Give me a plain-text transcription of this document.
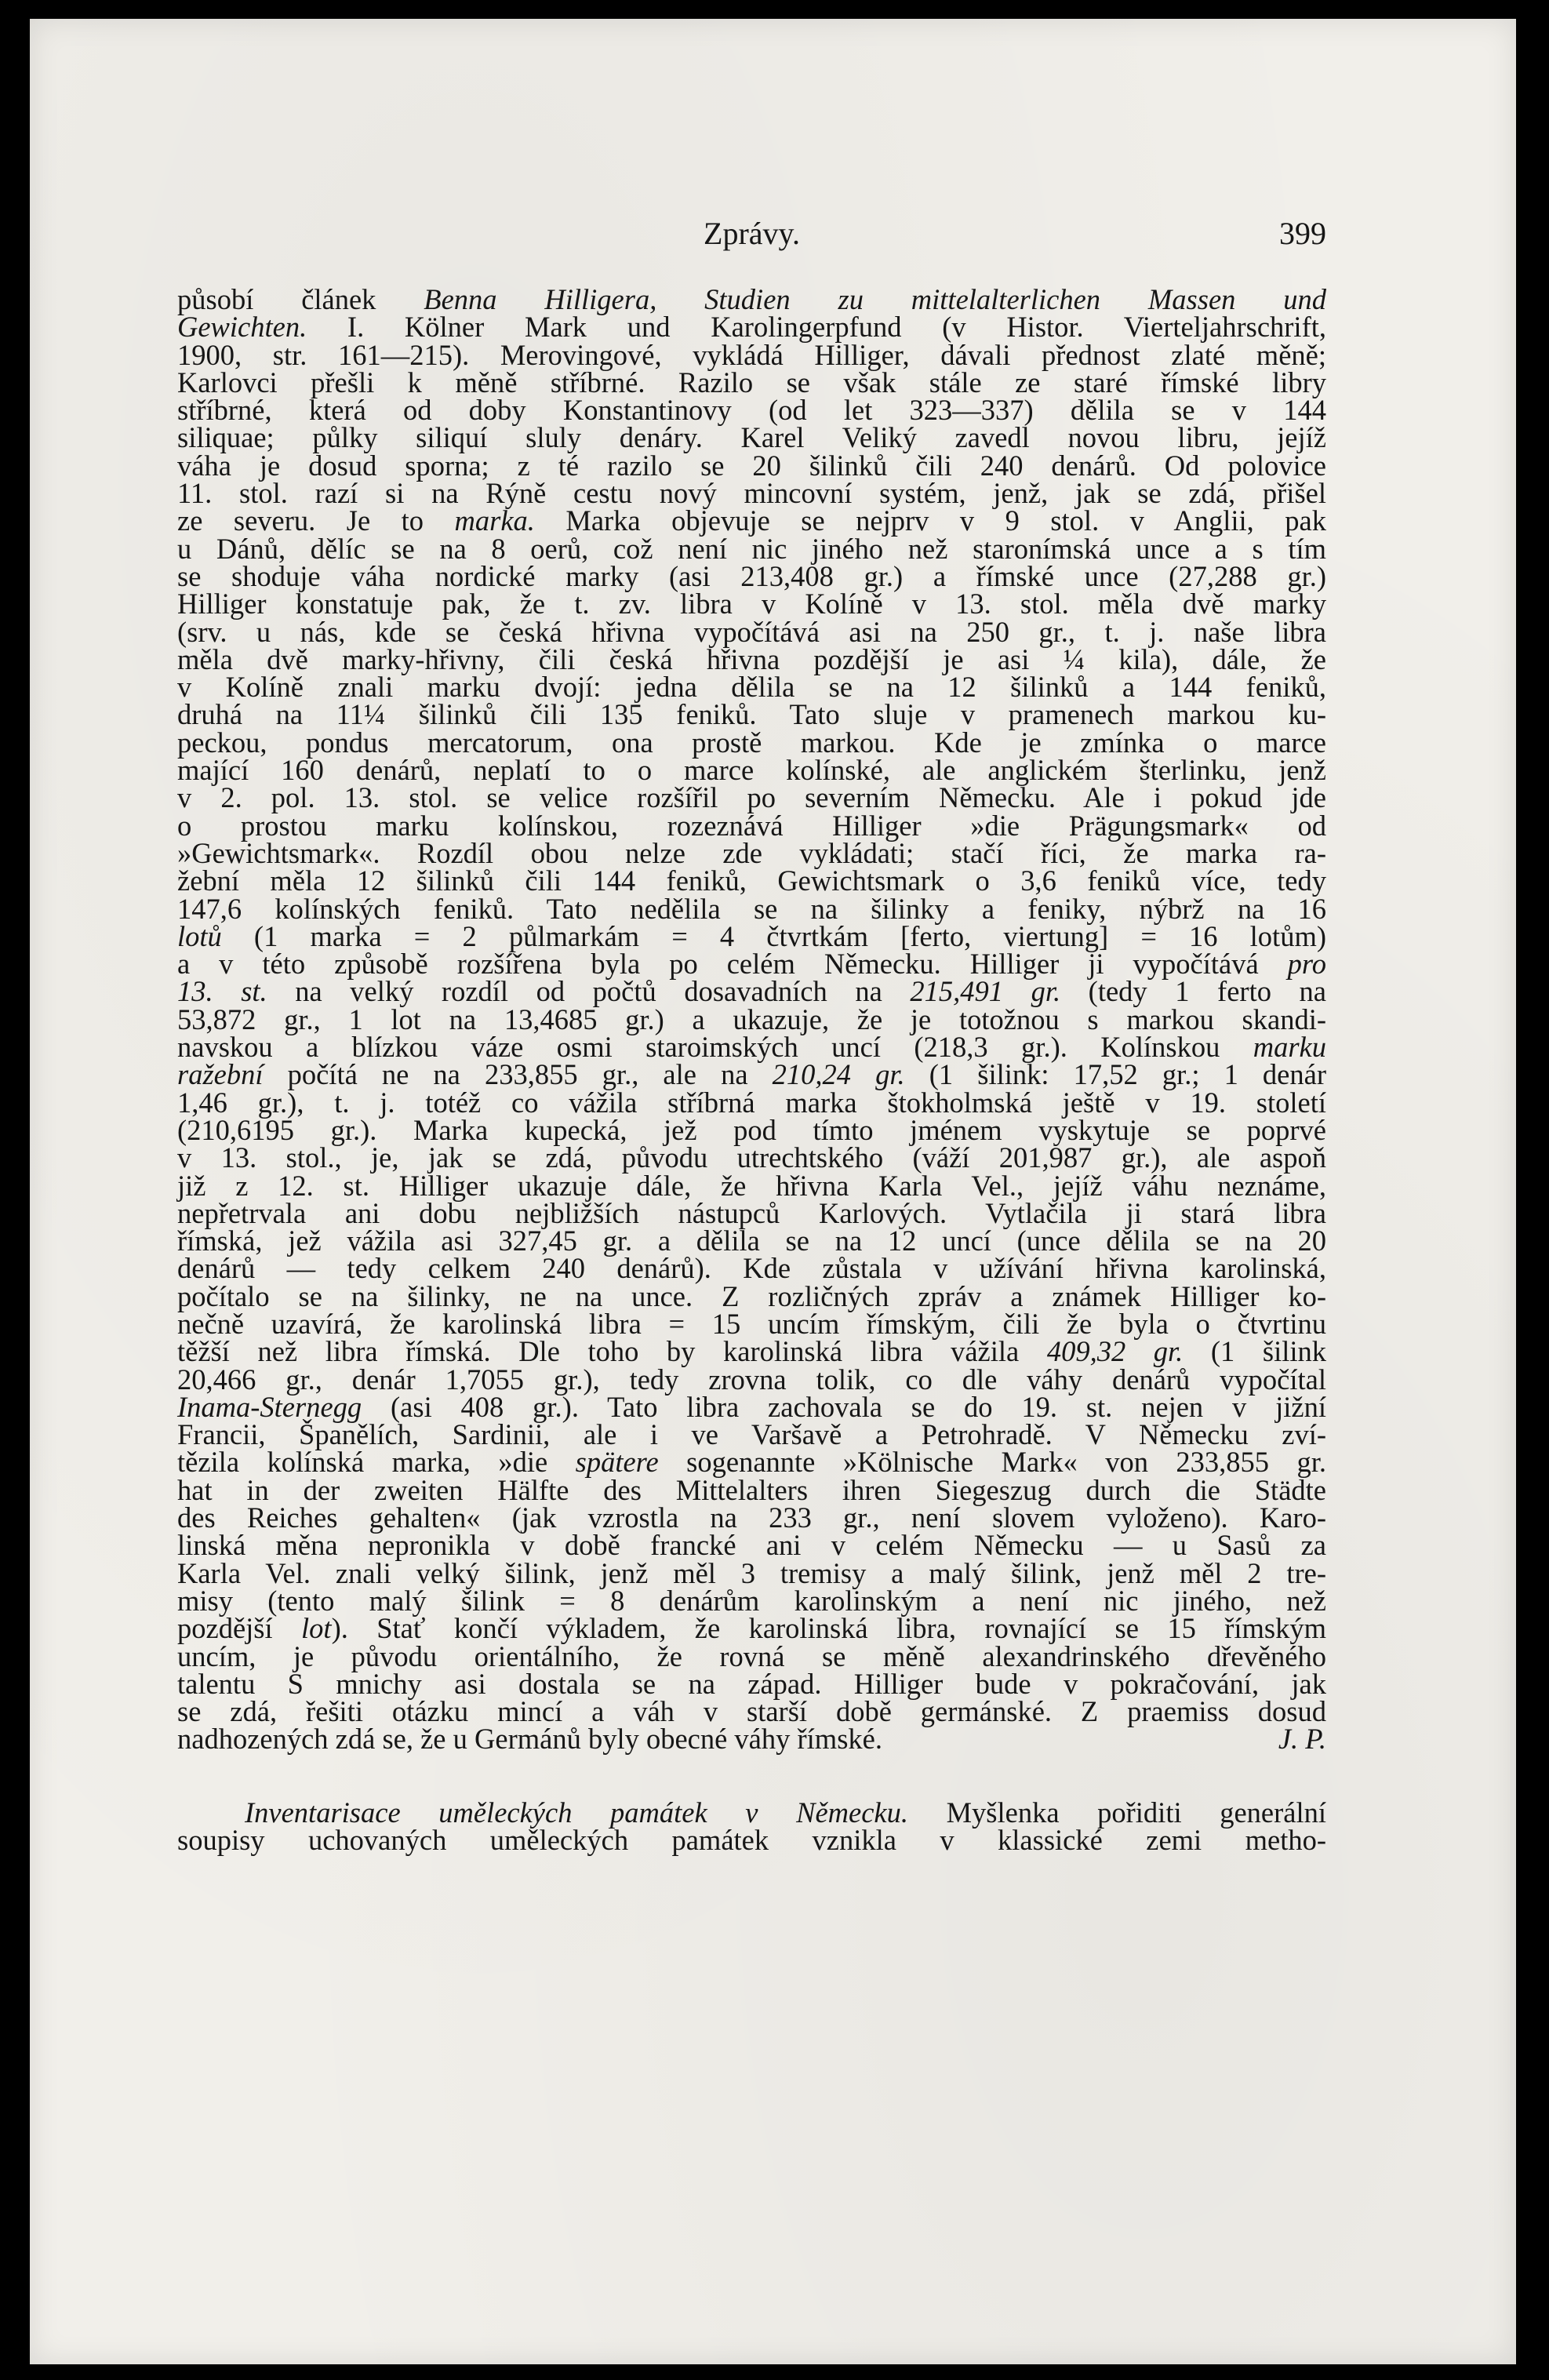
Zprávy.	399
působí článek Benna Hilligera, Studien zu mittelalterlichen Massen und
Gewichten. I. Kölner Mark und Karolingerpfund (v Histor. Vierteljahrschrift,
1900, str. 161—215). Merovingové, vykládá Hilliger, dávali přednost zlaté měně;
Karlovci přešli k měně stříbrné. Razilo se však stále ze staré římské libry
stříbrné, která od doby Konstantinovy (od let 323—337) dělila se v 144
siliquae; půlky siliquí sluly denáry. Karel Veliký zavedl novou libru, jejíž
váha je dosud sporna; z té razilo se 20 šilinků čili 240 denárů. Od polovice
11. stol. razí si na Rýně cestu nový mincovní systém, jenž, jak se zdá, přišel
ze severu. Je to marka. Marka objevuje se nejprv v 9 stol. v Anglii, pak
u Dánů, dělíc se na 8 oerů, což není nic jiného než staronímská unce a s tím
se shoduje váha nordické marky (asi 213,408 gr.) a římské unce (27,288 gr.)
Hilliger konstatuje pak, že t. zv. libra v Kolíně v 13. stol. měla dvě marky
(srv. u nás, kde se česká hřivna vypočítává asi na 250 gr., t. j. naše libra
měla dvě marky-hřivny, čili česká hřivna pozdější je asi ¼ kila), dále, že
v Kolíně znali marku dvojí: jedna dělila se na 12 šilinků a 144 feniků,
druhá na 11¼ šilinků čili 135 feniků. Tato sluje v pramenech markou ku-
peckou, pondus mercatorum, ona prostě markou. Kde je zmínka o marce
mající 160 denárů, neplatí to o marce kolínské, ale anglickém šterlinku, jenž
v 2. pol. 13. stol. se velice rozšířil po severním Německu. Ale i pokud jde
o prostou marku kolínskou, rozeznává Hilliger »die Prägungsmark« od
»Gewichtsmark«. Rozdíl obou nelze zde vykládati; stačí říci, že marka ra-
žební měla 12 šilinků čili 144 feniků, Gewichtsmark o 3,6 feniků více, tedy
147,6 kolínských feniků. Tato nedělila se na šilinky a feniky, nýbrž na 16
lotů (1 marka = 2 půlmarkám = 4 čtvrtkám [ferto, viertung] = 16 lotům)
a v této způsobě rozšířena byla po celém Německu. Hilliger ji vypočítává pro
13. st. na velký rozdíl od počtů dosavadních na 215,491 gr. (tedy 1 ferto na
53,872 gr., 1 lot na 13,4685 gr.) a ukazuje, že je totožnou s markou skandi-
navskou a blízkou váze osmi staroimských uncí (218,3 gr.). Kolínskou marku
ražební počítá ne na 233,855 gr., ale na 210,24 gr. (1 šilink: 17,52 gr.; 1 denár
1,46 gr.), t. j. totéž co vážila stříbrná marka štokholmská ještě v 19. století
(210,6195 gr.). Marka kupecká, jež pod tímto jménem vyskytuje se poprvé
v 13. stol., je, jak se zdá, původu utrechtského (váží 201,987 gr.), ale aspoň
již z 12. st. Hilliger ukazuje dále, že hřivna Karla Vel., jejíž váhu neznáme,
nepřetrvala ani dobu nejbližších nástupců Karlových. Vytlačila ji stará libra
římská, jež vážila asi 327,45 gr. a dělila se na 12 uncí (unce dělila se na 20
denárů — tedy celkem 240 denárů). Kde zůstala v užívání hřivna karolinská,
počítalo se na šilinky, ne na unce. Z rozličných zpráv a známek Hilliger ko-
nečně uzavírá, že karolinská libra = 15 uncím římským, čili že byla o čtvrtinu
těžší než libra římská. Dle toho by karolinská libra vážila 409,32 gr. (1 šilink
20,466 gr., denár 1,7055 gr.), tedy zrovna tolik, co dle váhy denárů vypočítal
Inama-Sternegg (asi 408 gr.). Tato libra zachovala se do 19. st. nejen v jižní
Francii, Španělích, Sardinii, ale i ve Varšavě a Petrohradě. V Německu zví-
tězila kolínská marka, »die spätere sogenannte »Kölnische Mark« von 233,855 gr.
hat in der zweiten Hälfte des Mittelalters ihren Siegeszug durch die Städte
des Reiches gehalten« (jak vzrostla na 233 gr., není slovem vyloženo). Karo-
linská měna nepronikla v době francké ani v celém Německu — u Sasů za
Karla Vel. znali velký šilink, jenž měl 3 tremisy a malý šilink, jenž měl 2 tre-
misy (tento malý šilink = 8 denárům karolinským a není nic jiného, než
pozdější lot). Stať končí výkladem, že karolinská libra, rovnající se 15 římským
uncím, je původu orientálního, že rovná se měně alexandrinského dřevěného
talentu S mnichy asi dostala se na západ. Hilliger bude v pokračování, jak
se zdá, řešiti otázku mincí a váh v starší době germánské. Z praemiss dosud
nadhozených zdá se, že u Germánů byly obecné váhy římské.	J. P.
Inventarisace uměleckých památek v Německu. Myšlenka pořiditi generální
soupisy uchovaných uměleckých památek vznikla v klassické zemi metho-
